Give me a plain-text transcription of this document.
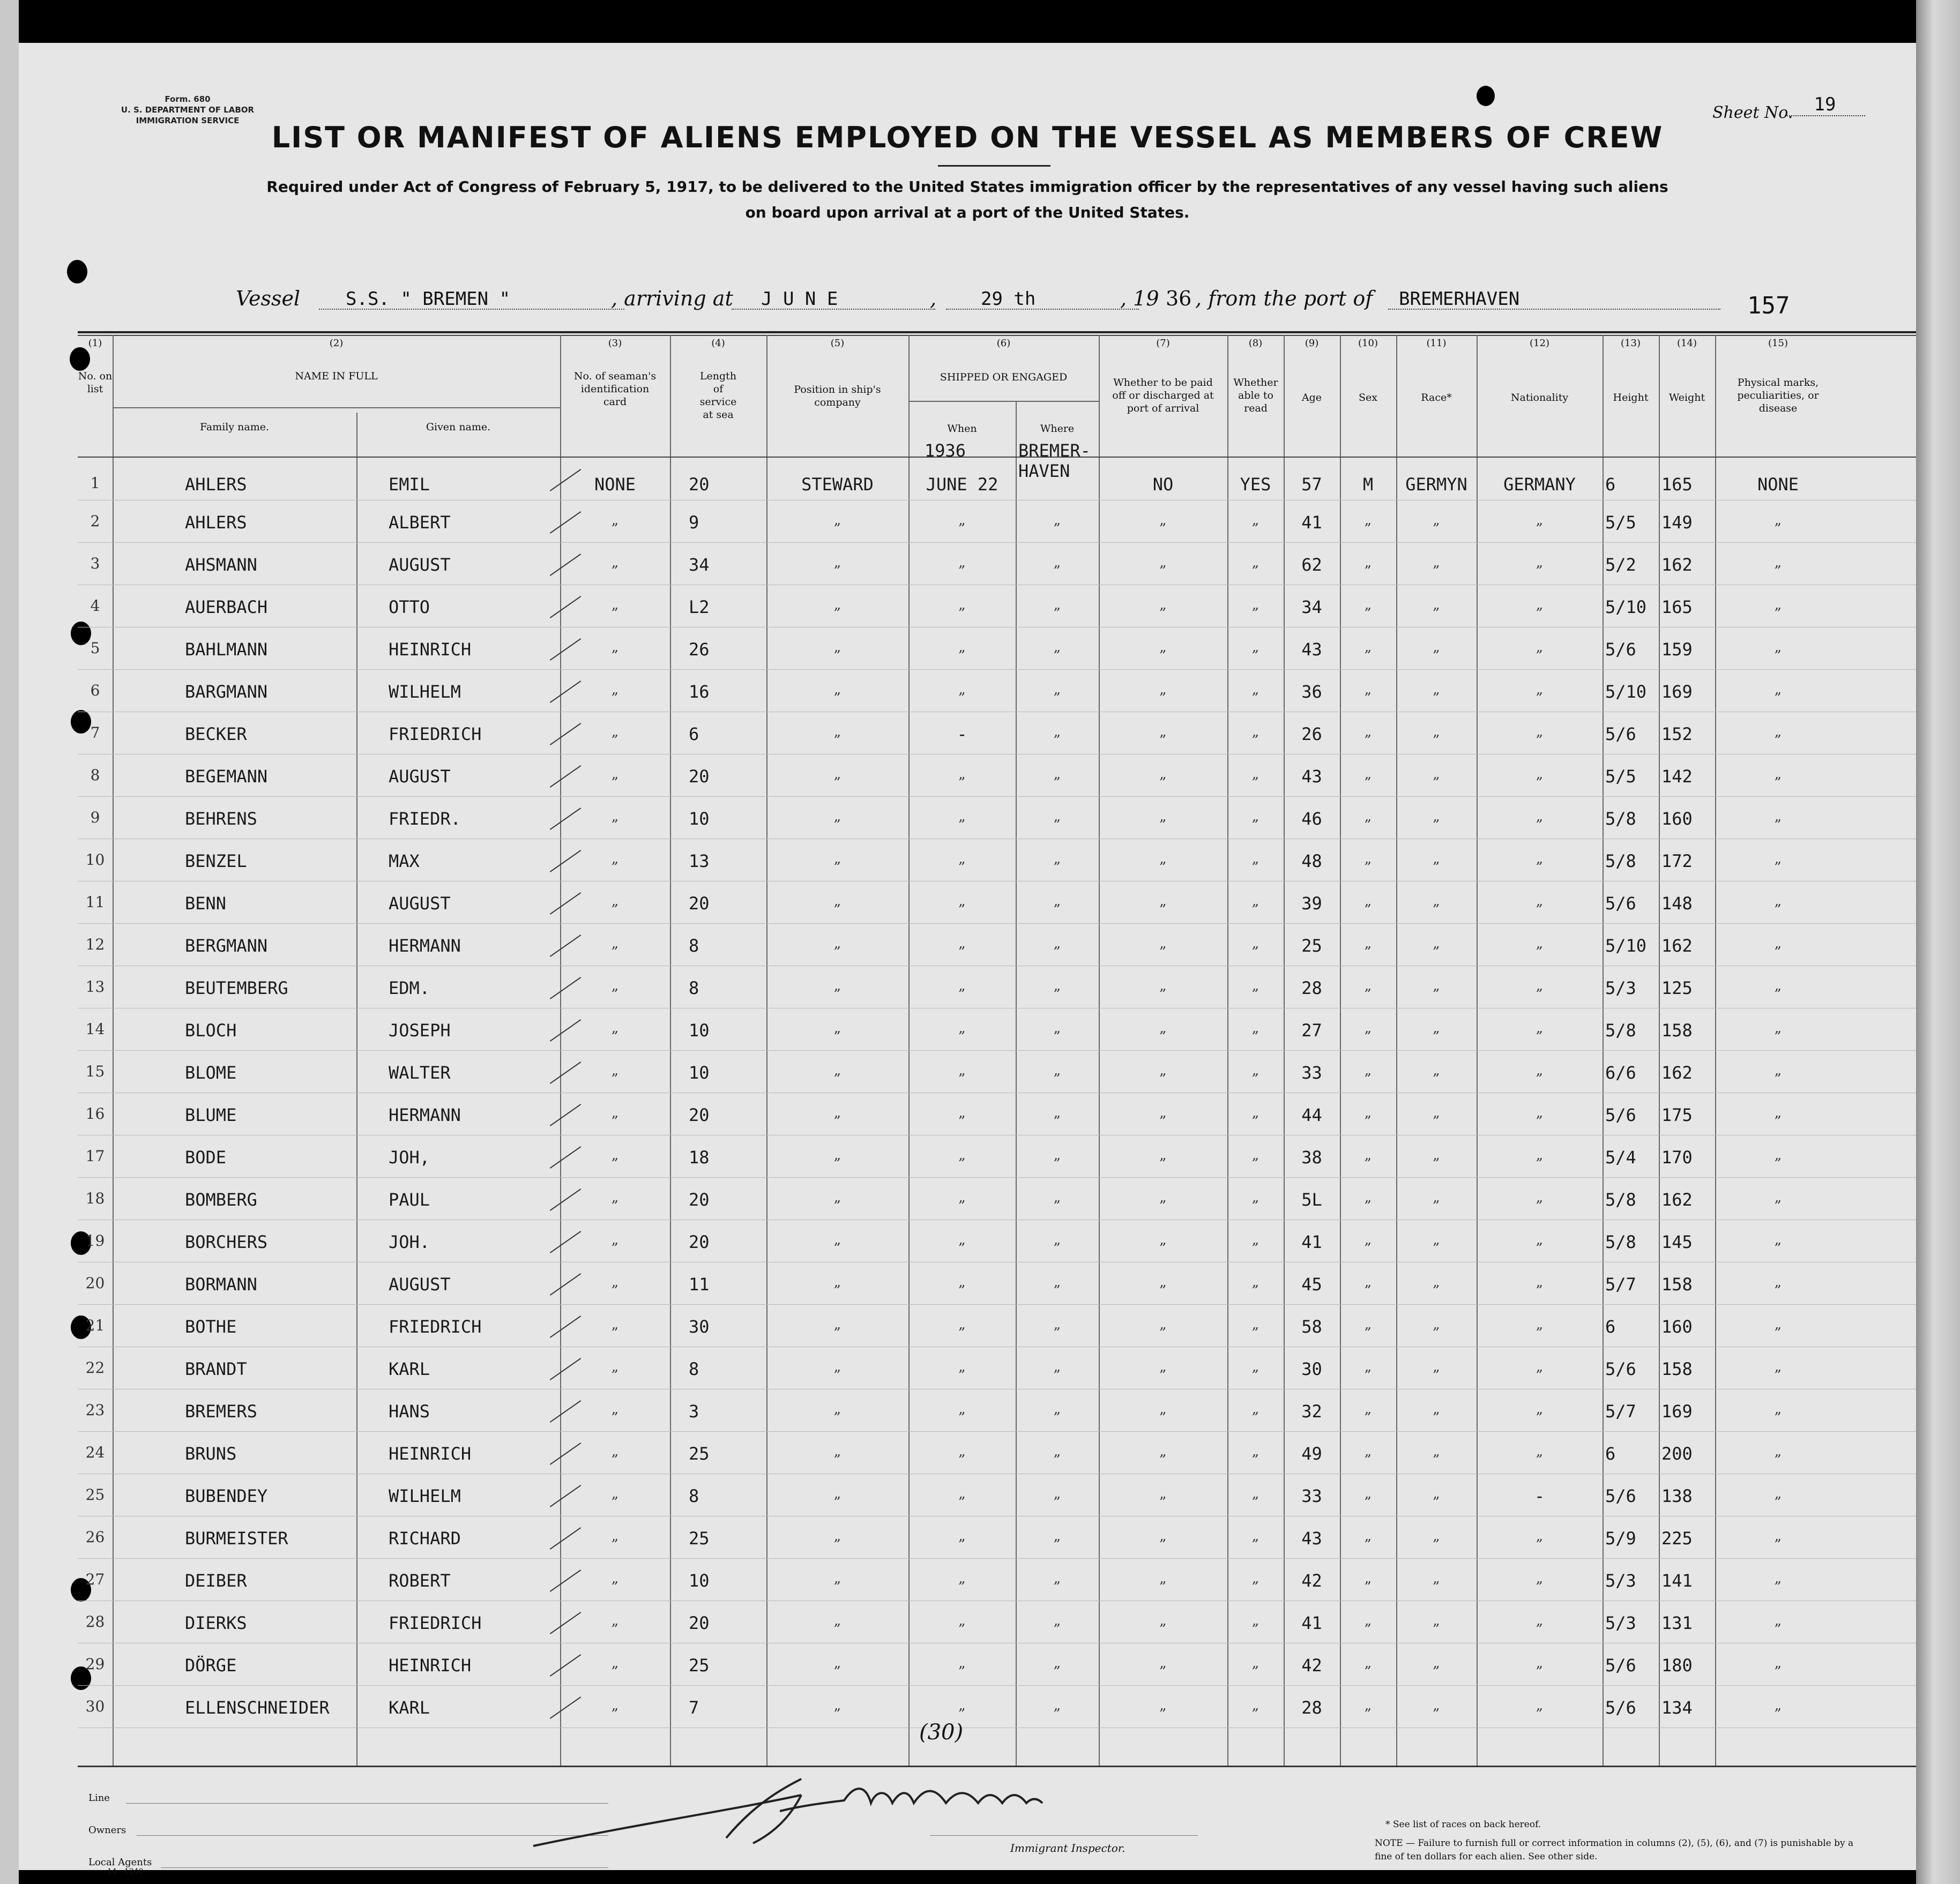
Form. 680
U. S. DEPARTMENT OF LABOR
IMMIGRATION SERVICE	Sheet No.	19
LIST OR MANIFEST OF ALIENS EMPLOYED ON THE VESSEL AS MEMBERS OF CREW
Required under Act of Congress of February 5, 1917, to be delivered to the United States immigration officer by the representatives of any vessel having such aliens
on board upon arrival at a port of the United States.
Vessel S.S. " BREMEN "	, arriving at J U N E	, 29 th	, 19 36 , from the port of BREMERHAVEN	157
(1)	(2)	(3)	(4)	(5)	(6)	(7)	(8)	(9)	(10)	(11)	(12)	(13)	(14)	(15)
No. on list
NAME IN FULL
Family name.	Given name.
No. of seaman's identification card
Length of service at sea
Position in ship's company
SHIPPED OR ENGAGED
When	Where
Whether to be paid off or discharged at port of arrival
Whether able to read
Age	Sex	Race*	Nationality	Height	Weight
Physical marks, peculiarities, or disease
1936	BREMER-
HAVEN
1	AHLERS	EMIL	NONE	20	STEWARD	JUNE 22	NO	YES	57	M	GERMYN	GERMANY	6	165	NONE
2	AHLERS	ALBERT	„	9	„	„	„	„	„	41	„	„	„	5/5 149	„
3	AHSMANN	AUGUST	„	34	„	„	„	„	„	62	„	„	„	5/2 162	„
4	AUERBACH	OTTO	„	L2	„	„	„	„	„	34	„	„	„	5/10 165	„
5	BAHLMANN	HEINRICH	„	26	„	„	„	„	„	43	„	„	„	5/6 159	„
6	BARGMANN	WILHELM	„	16	„	„	„	„	„	36	„	„	„	5/10 169	„
7	BECKER	FRIEDRICH	„	6	„	-	„	„	„	26	„	„	„	5/6 152	„
8	BEGEMANN	AUGUST	„	20	„	„	„	„	„	43	„	„	„	5/5 142	„
9	BEHRENS	FRIEDR.	„	10	„	„	„	„	„	46	„	„	„	5/8 160	„
10	BENZEL	MAX	„	13	„	„	„	„	„	48	„	„	„	5/8 172	„
11	BENN	AUGUST	„	20	„	„	„	„	„	39	„	„	„	5/6 148	„
12	BERGMANN	HERMANN	„	8	„	„	„	„	„	25	„	„	„	5/10 162	„
13	BEUTEMBERG	EDM.	„	8	„	„	„	„	„	28	„	„	„	5/3 125	„
14	BLOCH	JOSEPH	„	10	„	„	„	„	„	27	„	„	„	5/8 158	„
15	BLOME	WALTER	„	10	„	„	„	„	„	33	„	„	„	6/6 162	„
16	BLUME	HERMANN	„	20	„	„	„	„	„	44	„	„	„	5/6 175	„
17	BODE	JOH,	„	18	„	„	„	„	„	38	„	„	„	5/4 170	„
18	BOMBERG	PAUL	„	20	„	„	„	„	„	5L	„	„	„	5/8 162	„
19	BORCHERS	JOH.	„	20	„	„	„	„	„	41	„	„	„	5/8 145	„
20	BORMANN	AUGUST	„	11	„	„	„	„	„	45	„	„	„	5/7 158	„
21	BOTHE	FRIEDRICH	„	30	„	„	„	„	„	58	„	„	„	6	160	„
22	BRANDT	KARL	„	8	„	„	„	„	„	30	„	„	„	5/6 158	„
23	BREMERS	HANS	„	3	„	„	„	„	„	32	„	„	„	5/7 169	„
24	BRUNS	HEINRICH	„	25	„	„	„	„	„	49	„	„	„	6	200	„
25	BUBENDEY	WILHELM	„	8	„	„	„	„	„	33	„	„	-	5/6 138	„
26	BURMEISTER	RICHARD	„	25	„	„	„	„	„	43	„	„	„	5/9 225	„
27	DEIBER	ROBERT	„	10	„	„	„	„	„	42	„	„	„	5/3 141	„
28	DIERKS	FRIEDRICH	„	20	„	„	„	„	„	41	„	„	„	5/3 131	„
29	DÖRGE	HEINRICH	„	25	„	„	„	„	„	42	„	„	„	5/6 180	„
30	ELLENSCHNEIDER	KARL	„	7	„	„	„	„	„	28	„	„	„	5/6 134	„
(30)
Line
Owners
Local Agents
14—1240
Immigrant Inspector.
* See list of races on back hereof.
NOTE — Failure to furnish full or correct information in columns (2), (5), (6), and (7) is punishable by a fine of ten dollars for each alien. See other side.
